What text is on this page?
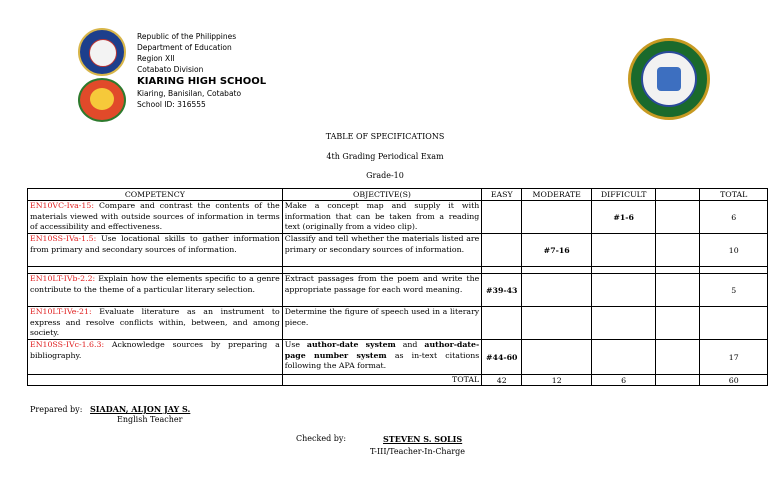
Republic of the Philippines
Department of Education
Region XII
Cotabato Division
KIARING HIGH SCHOOL
Kiaring, Banisilan, Cotabato
School ID: 316555
TABLE OF SPECIFICATIONS
4th Grading Periodical Exam
Grade-10
COMPETENCY	OBJECTIVE(S)	EASY	MODERATE	DIFFICULT		TOTAL
EN10VC-Iva-15: Compare and contrast the contents of the materials viewed with outside sources of information in terms of accessibility and effectiveness.	Make a concept map and supply it with information that can be taken from a reading text (originally from a video clip).			#1-6		6
EN10SS-IVa-1.5: Use locational skills to gather information from primary and secondary sources of information.	Classify and tell whether the materials listed are primary or secondary sources of information.		#7-16			10

EN10LT-IVb-2.2: Explain how the elements specific to a genre contribute to the theme of a particular literary selection.	Extract passages from the poem and write the appropriate passage for each word meaning.	#39-43				5
EN10LT-IVe-21: Evaluate literature as an instrument to express and resolve conflicts within, between, and among society.	Determine the figure of speech used in a literary piece.					
EN10SS-IVc-1.6.3: Acknowledge sources by preparing a bibliography.	Use author-date system and author-date-page number system as in-text citations following the APA format.	#44-60				17
	TOTAL	42	12	6		60
Prepared by: SIADAN, ALJON JAY S.
English Teacher
Checked by:	STEVEN S. SOLIS
T-III/Teacher-In-Charge
